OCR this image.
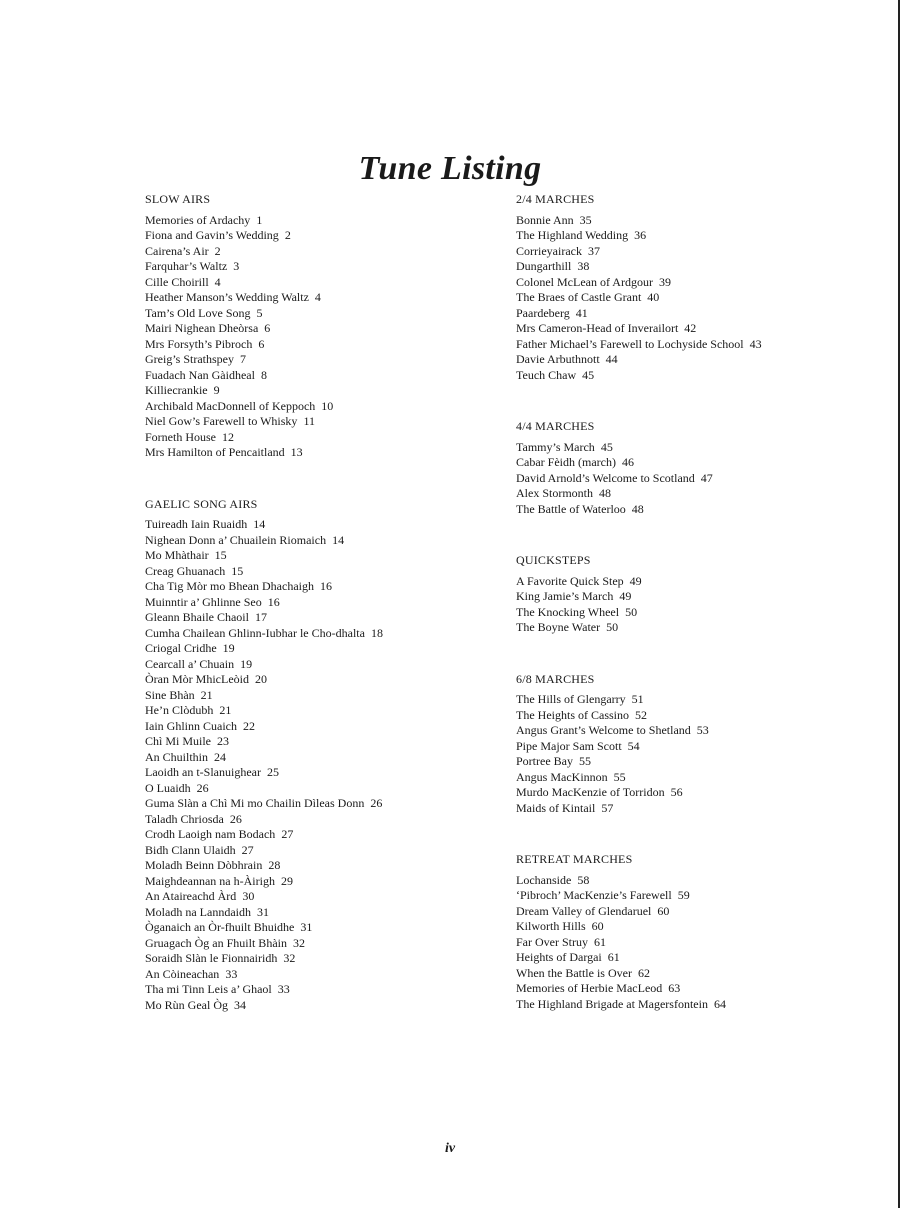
Tune Listing
SLOW AIRS
Memories of Ardachy 1
Fiona and Gavin’s Wedding 2
Cairena’s Air 2
Farquhar’s Waltz 3
Cille Choirill 4
Heather Manson’s Wedding Waltz 4
Tam’s Old Love Song 5
Mairi Nighean Dheòrsa 6
Mrs Forsyth’s Pibroch 6
Greig’s Strathspey 7
Fuadach Nan Gàidheal 8
Killiecrankie 9
Archibald MacDonnell of Keppoch 10
Niel Gow’s Farewell to Whisky 11
Forneth House 12
Mrs Hamilton of Pencaitland 13
GAELIC SONG AIRS
Tuireadh Iain Ruaidh 14
Nighean Donn a’ Chuailein Riomaich 14
Mo Mhàthair 15
Creag Ghuanach 15
Cha Tig Mòr mo Bhean Dhachaigh 16
Muinntir a’ Ghlinne Seo 16
Gleann Bhaile Chaoil 17
Cumha Chailean Ghlinn-Iubhar le Cho-dhalta 18
Criogal Cridhe 19
Cearcall a’ Chuain 19
Òran Mòr MhicLeòid 20
Sine Bhàn 21
He’n Clòdubh 21
Iain Ghlinn Cuaich 22
Chì Mi Muile 23
An Chuilthin 24
Laoidh an t-Slanuighear 25
O Luaidh 26
Guma Slàn a Chì Mi mo Chailin Dìleas Donn 26
Taladh Chriosda 26
Crodh Laoigh nam Bodach 27
Bidh Clann Ulaidh 27
Moladh Beinn Dòbhrain 28
Maighdeannan na h-Àirigh 29
An Ataireachd Àrd 30
Moladh na Lanndaidh 31
Òganaich an Òr-fhuilt Bhuidhe 31
Gruagach Òg an Fhuilt Bhàin 32
Soraidh Slàn le Fionnairidh 32
An Còineachan 33
Tha mi Tinn Leis a’ Ghaol 33
Mo Rùn Geal Òg 34
2/4 MARCHES
Bonnie Ann 35
The Highland Wedding 36
Corrieyairack 37
Dungarthill 38
Colonel McLean of Ardgour 39
The Braes of Castle Grant 40
Paardeberg 41
Mrs Cameron-Head of Inverailort 42
Father Michael’s Farewell to Lochyside School 43
Davie Arbuthnott 44
Teuch Chaw 45
4/4 MARCHES
Tammy’s March 45
Cabar Fèidh (march) 46
David Arnold’s Welcome to Scotland 47
Alex Stormonth 48
The Battle of Waterloo 48
QUICKSTEPS
A Favorite Quick Step 49
King Jamie’s March 49
The Knocking Wheel 50
The Boyne Water 50
6/8 MARCHES
The Hills of Glengarry 51
The Heights of Cassino 52
Angus Grant’s Welcome to Shetland 53
Pipe Major Sam Scott 54
Portree Bay 55
Angus MacKinnon 55
Murdo MacKenzie of Torridon 56
Maids of Kintail 57
RETREAT MARCHES
Lochanside 58
‘Pibroch’ MacKenzie’s Farewell 59
Dream Valley of Glendaruel 60
Kilworth Hills 60
Far Over Struy 61
Heights of Dargai 61
When the Battle is Over 62
Memories of Herbie MacLeod 63
The Highland Brigade at Magersfontein 64
iv
